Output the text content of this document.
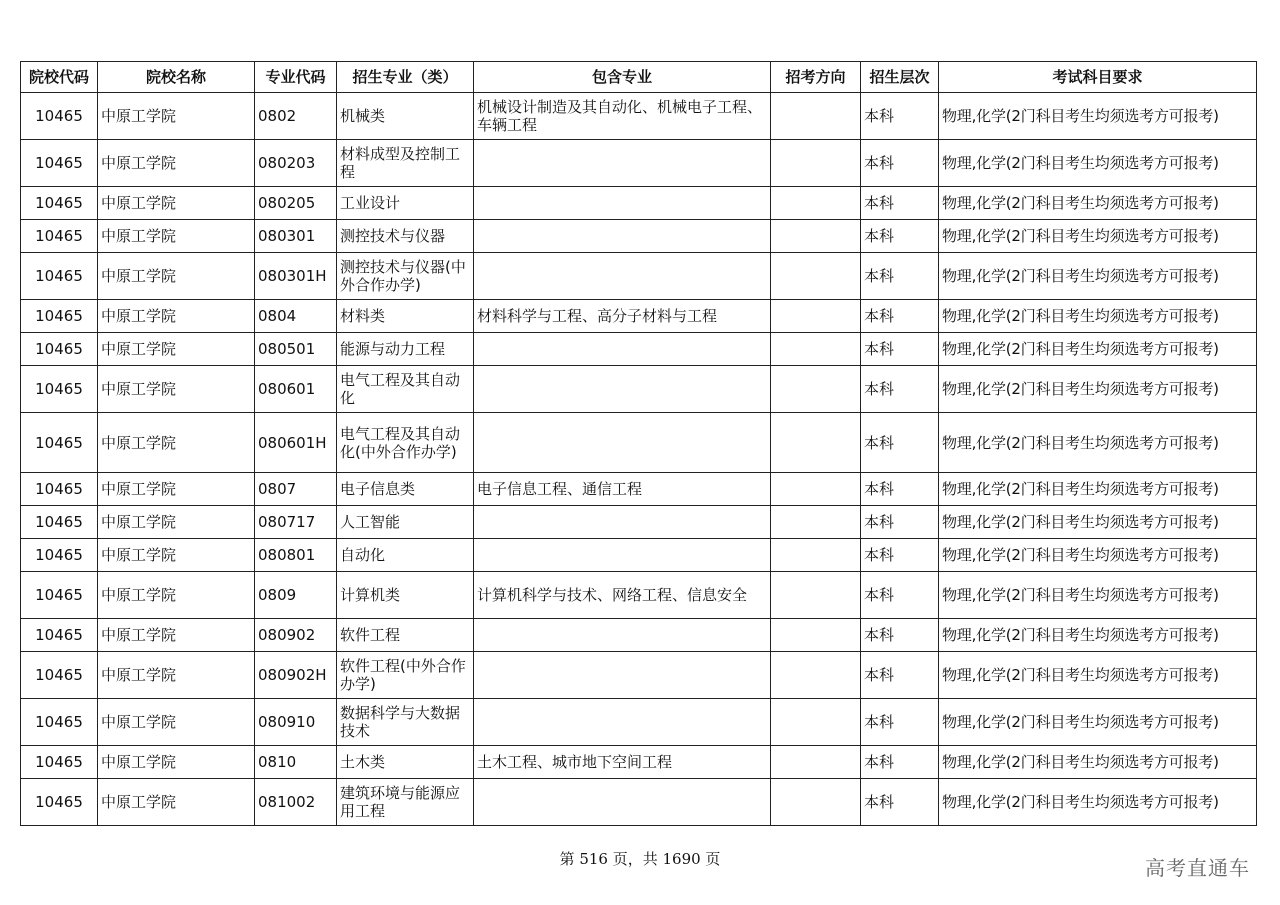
院校代码	院校名称	专业代码	招生专业（类）	包含专业	招考方向	招生层次	考试科目要求
10465	中原工学院	0802	机械类	机械设计制造及其自动化、机械电子工程、车辆工程		本科	物理,化学(2门科目考生均须选考方可报考)
10465	中原工学院	080203	材料成型及控制工程			本科	物理,化学(2门科目考生均须选考方可报考)
10465	中原工学院	080205	工业设计			本科	物理,化学(2门科目考生均须选考方可报考)
10465	中原工学院	080301	测控技术与仪器			本科	物理,化学(2门科目考生均须选考方可报考)
10465	中原工学院	080301H	测控技术与仪器(中外合作办学)			本科	物理,化学(2门科目考生均须选考方可报考)
10465	中原工学院	0804	材料类	材料科学与工程、高分子材料与工程		本科	物理,化学(2门科目考生均须选考方可报考)
10465	中原工学院	080501	能源与动力工程			本科	物理,化学(2门科目考生均须选考方可报考)
10465	中原工学院	080601	电气工程及其自动化			本科	物理,化学(2门科目考生均须选考方可报考)
10465	中原工学院	080601H	电气工程及其自动化(中外合作办学)			本科	物理,化学(2门科目考生均须选考方可报考)
10465	中原工学院	0807	电子信息类	电子信息工程、通信工程		本科	物理,化学(2门科目考生均须选考方可报考)
10465	中原工学院	080717	人工智能			本科	物理,化学(2门科目考生均须选考方可报考)
10465	中原工学院	080801	自动化			本科	物理,化学(2门科目考生均须选考方可报考)
10465	中原工学院	0809	计算机类	计算机科学与技术、网络工程、信息安全		本科	物理,化学(2门科目考生均须选考方可报考)
10465	中原工学院	080902	软件工程			本科	物理,化学(2门科目考生均须选考方可报考)
10465	中原工学院	080902H	软件工程(中外合作办学)			本科	物理,化学(2门科目考生均须选考方可报考)
10465	中原工学院	080910	数据科学与大数据技术			本科	物理,化学(2门科目考生均须选考方可报考)
10465	中原工学院	0810	土木类	土木工程、城市地下空间工程		本科	物理,化学(2门科目考生均须选考方可报考)
10465	中原工学院	081002	建筑环境与能源应用工程			本科	物理,化学(2门科目考生均须选考方可报考)
第 516 页，共 1690 页	高考直通车
